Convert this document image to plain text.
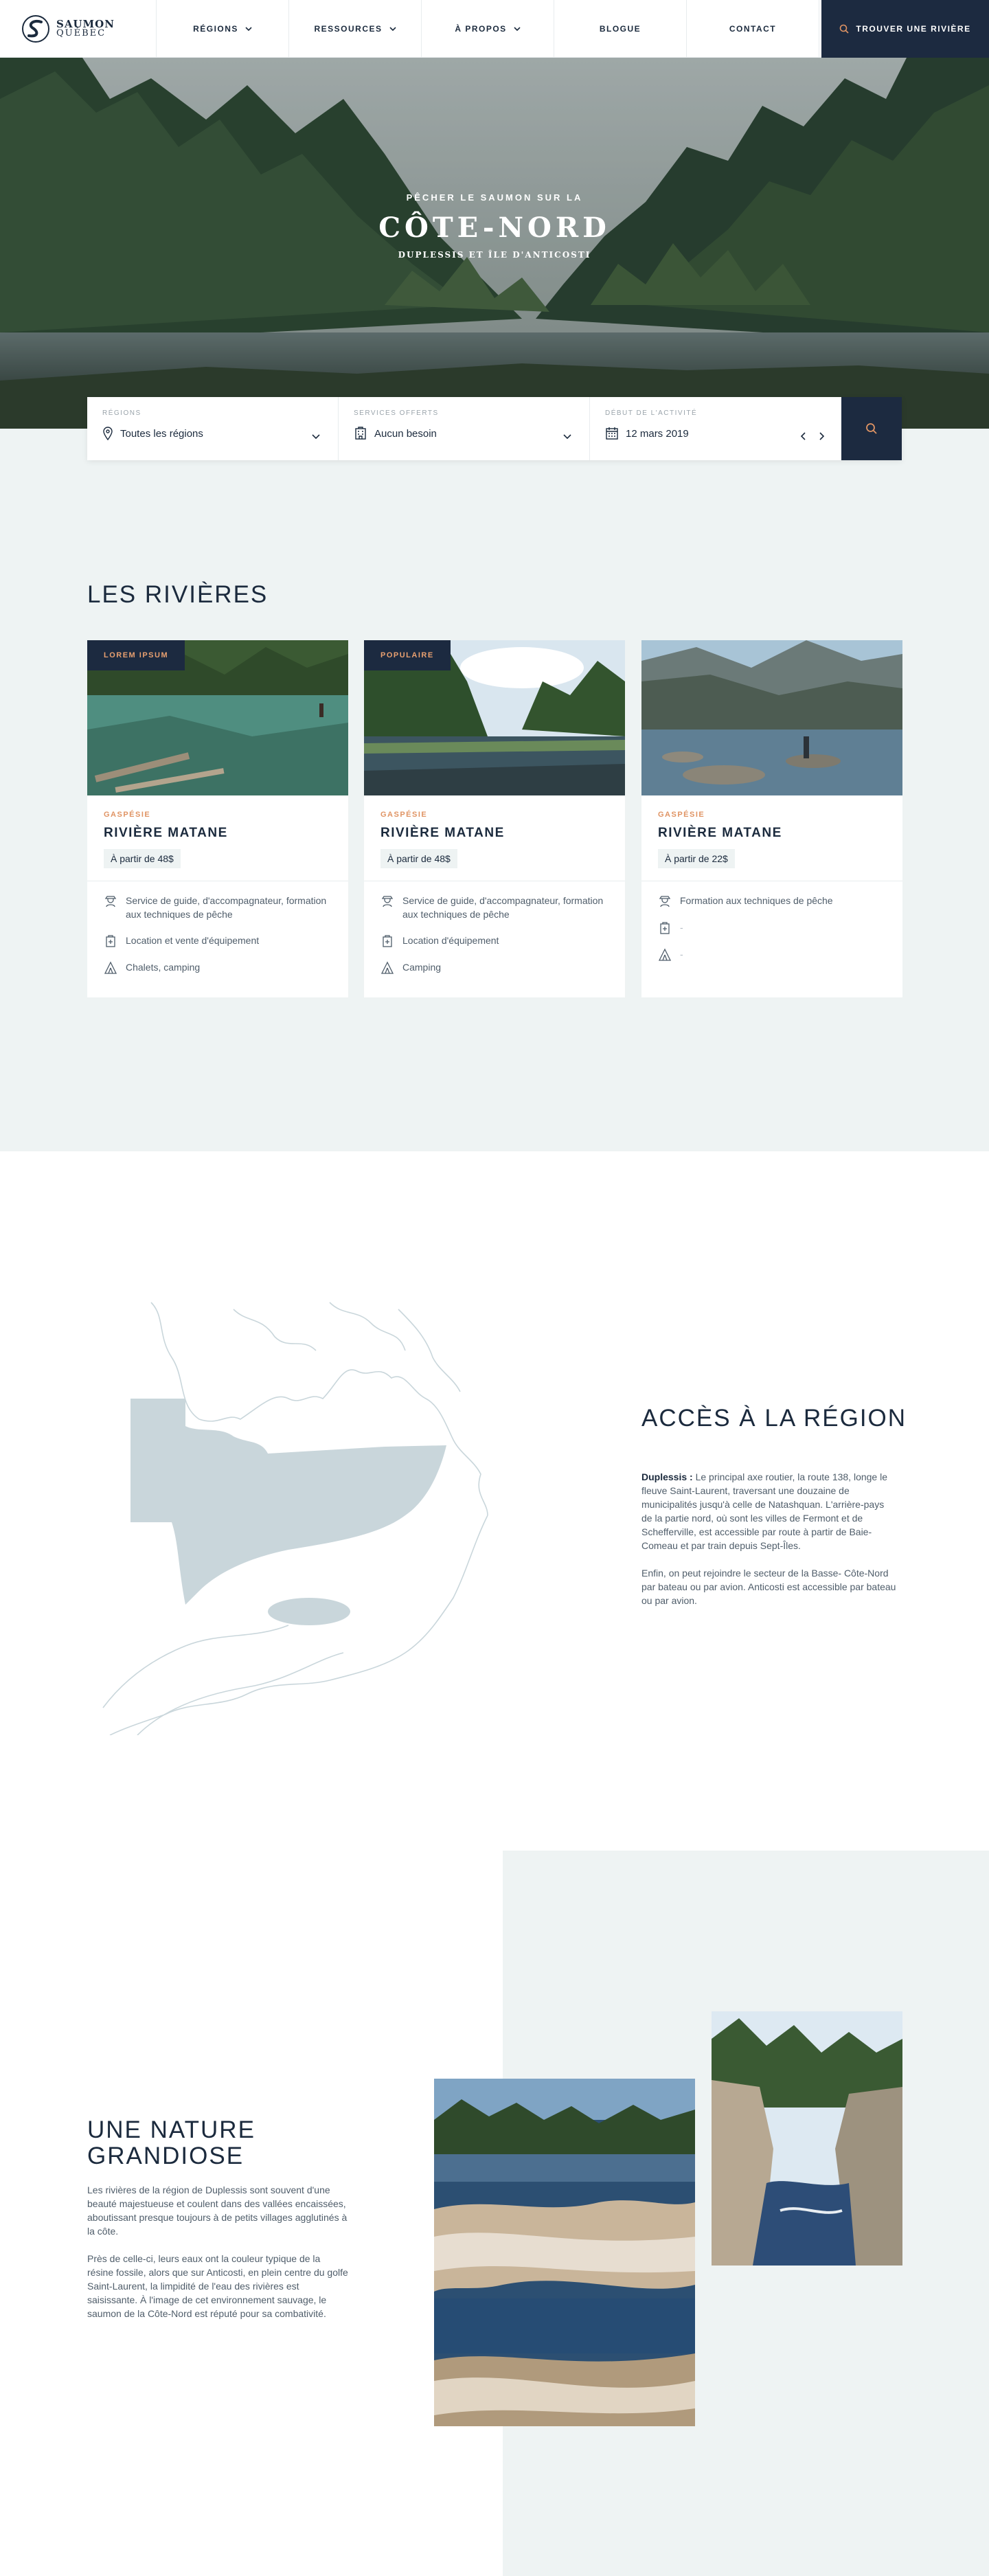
SAUMON
QUÉBEC	RÉGIONS	RESSOURCES	À PROPOS	BLOGUE	CONTACT	TROUVER UNE RIVIÈRE
PÊCHER LE SAUMON SUR LA
CÔTE-NORD
DUPLESSIS ET ÎLE D'ANTICOSTI
RÉGIONS
Toutes les régions
SERVICES OFFERTS
Aucun besoin
DÉBUT DE L'ACTIVITÉ
12 mars 2019
LES RIVIÈRES
LOREM IPSUM
GASPÉSIE
RIVIÈRE MATANE
À partir de 48$
Service de guide, d'accompagnateur, formation aux techniques de pêche
Location et vente d'équipement
Chalets, camping
POPULAIRE
GASPÉSIE
RIVIÈRE MATANE
À partir de 48$
Service de guide, d'accompagnateur, formation aux techniques de pêche
Location d'équipement
Camping
GASPÉSIE
RIVIÈRE MATANE
À partir de 22$
Formation aux techniques de pêche
-
-
ACCÈS À LA RÉGION

Duplessis : Le principal axe routier, la route 138, longe le fleuve Saint-Laurent, traversant une douzaine de municipalités jusqu'à celle de Natashquan. L'arrière-pays de la partie nord, où sont les villes de Fermont et de Schefferville, est accessible par route à partir de Baie-Comeau et par train depuis Sept-Îles.

Enfin, on peut rejoindre le secteur de la Basse- Côte-Nord par bateau ou par avion. Anticosti est accessible par bateau ou par avion.

UNE NATURE GRANDIOSE

Les rivières de la région de Duplessis sont souvent d'une beauté majestueuse et coulent dans des vallées encaissées, aboutissant presque toujours à de petits villages agglutinés à la côte.

Près de celle-ci, leurs eaux ont la couleur typique de la résine fossile, alors que sur Anticosti, en plein centre du golfe Saint-Laurent, la limpidité de l'eau des rivières est saisissante. À l'image de cet environnement sauvage, le saumon de la Côte-Nord est réputé pour sa combativité.
